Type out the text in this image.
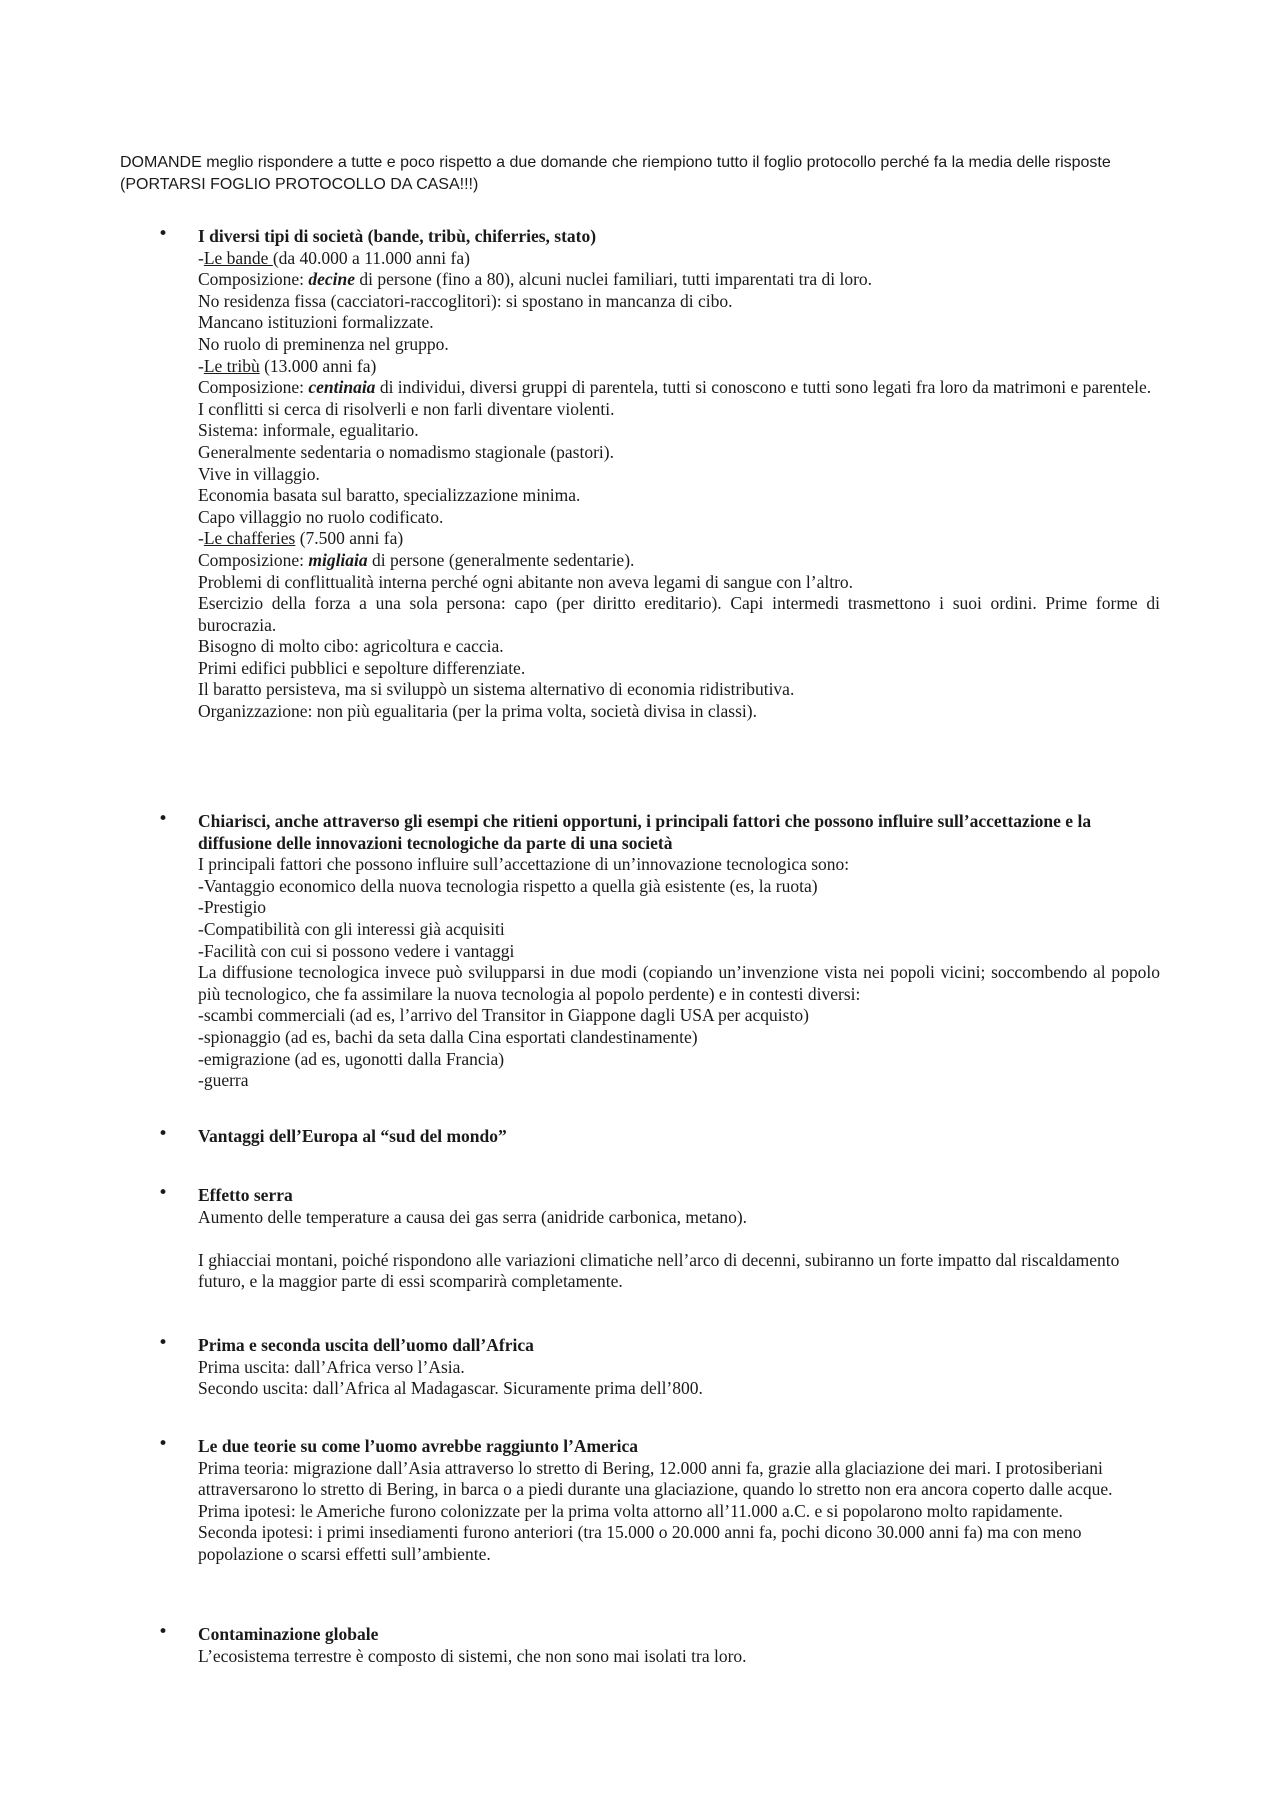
DOMANDE meglio rispondere a tutte e poco rispetto a due domande che riempiono tutto il foglio protocollo perché fa la media delle risposte (PORTARSI FOGLIO PROTOCOLLO DA CASA!!!)
• I diversi tipi di società (bande, tribù, chiferries, stato)
-Le bande (da 40.000 a 11.000 anni fa)
Composizione: decine di persone (fino a 80), alcuni nuclei familiari, tutti imparentati tra di loro.
No residenza fissa (cacciatori-raccoglitori): si spostano in mancanza di cibo.
Mancano istituzioni formalizzate.
No ruolo di preminenza nel gruppo.
-Le tribù (13.000 anni fa)
Composizione: centinaia di individui, diversi gruppi di parentela, tutti si conoscono e tutti sono legati fra loro da matrimoni e parentele.
I conflitti si cerca di risolverli e non farli diventare violenti.
Sistema: informale, egualitario.
Generalmente sedentaria o nomadismo stagionale (pastori).
Vive in villaggio.
Economia basata sul baratto, specializzazione minima.
Capo villaggio no ruolo codificato.
-Le chafferies (7.500 anni fa)
Composizione: migliaia di persone (generalmente sedentarie).
Problemi di conflittualità interna perché ogni abitante non aveva legami di sangue con l’altro.
Esercizio della forza a una sola persona: capo (per diritto ereditario). Capi intermedi trasmettono i suoi ordini. Prime forme di burocrazia.
Bisogno di molto cibo: agricoltura e caccia.
Primi edifici pubblici e sepolture differenziate.
Il baratto persisteva, ma si sviluppò un sistema alternativo di economia ridistributiva.
Organizzazione: non più egualitaria (per la prima volta, società divisa in classi).
• Chiarisci, anche attraverso gli esempi che ritieni opportuni, i principali fattori che possono influire sull’accettazione e la diffusione delle innovazioni tecnologiche da parte di una società
I principali fattori che possono influire sull’accettazione di un’innovazione tecnologica sono:
-Vantaggio economico della nuova tecnologia rispetto a quella già esistente (es, la ruota)
-Prestigio
-Compatibilità con gli interessi già acquisiti
-Facilità con cui si possono vedere i vantaggi
La diffusione tecnologica invece può svilupparsi in due modi (copiando un’invenzione vista nei popoli vicini; soccombendo al popolo più tecnologico, che fa assimilare la nuova tecnologia al popolo perdente) e in contesti diversi:
-scambi commerciali (ad es, l’arrivo del Transitor in Giappone dagli USA per acquisto)
-spionaggio (ad es, bachi da seta dalla Cina esportati clandestinamente)
-emigrazione (ad es, ugonotti dalla Francia)
-guerra
• Vantaggi dell’Europa al “sud del mondo”
• Effetto serra
Aumento delle temperature a causa dei gas serra (anidride carbonica, metano).
I ghiacciai montani, poiché rispondono alle variazioni climatiche nell’arco di decenni, subiranno un forte impatto dal riscaldamento futuro, e la maggior parte di essi scomparirà completamente.
• Prima e seconda uscita dell’uomo dall’Africa
Prima uscita: dall’Africa verso l’Asia.
Secondo uscita: dall’Africa al Madagascar. Sicuramente prima dell’800.
• Le due teorie su come l’uomo avrebbe raggiunto l’America
Prima teoria: migrazione dall’Asia attraverso lo stretto di Bering, 12.000 anni fa, grazie alla glaciazione dei mari. I protosiberiani attraversarono lo stretto di Bering, in barca o a piedi durante una glaciazione, quando lo stretto non era ancora coperto dalle acque.
Prima ipotesi: le Americhe furono colonizzate per la prima volta attorno all’11.000 a.C. e si popolarono molto rapidamente.
Seconda ipotesi: i primi insediamenti furono anteriori (tra 15.000 o 20.000 anni fa, pochi dicono 30.000 anni fa) ma con meno popolazione o scarsi effetti sull’ambiente.
• Contaminazione globale
L’ecosistema terrestre è composto di sistemi, che non sono mai isolati tra loro.
